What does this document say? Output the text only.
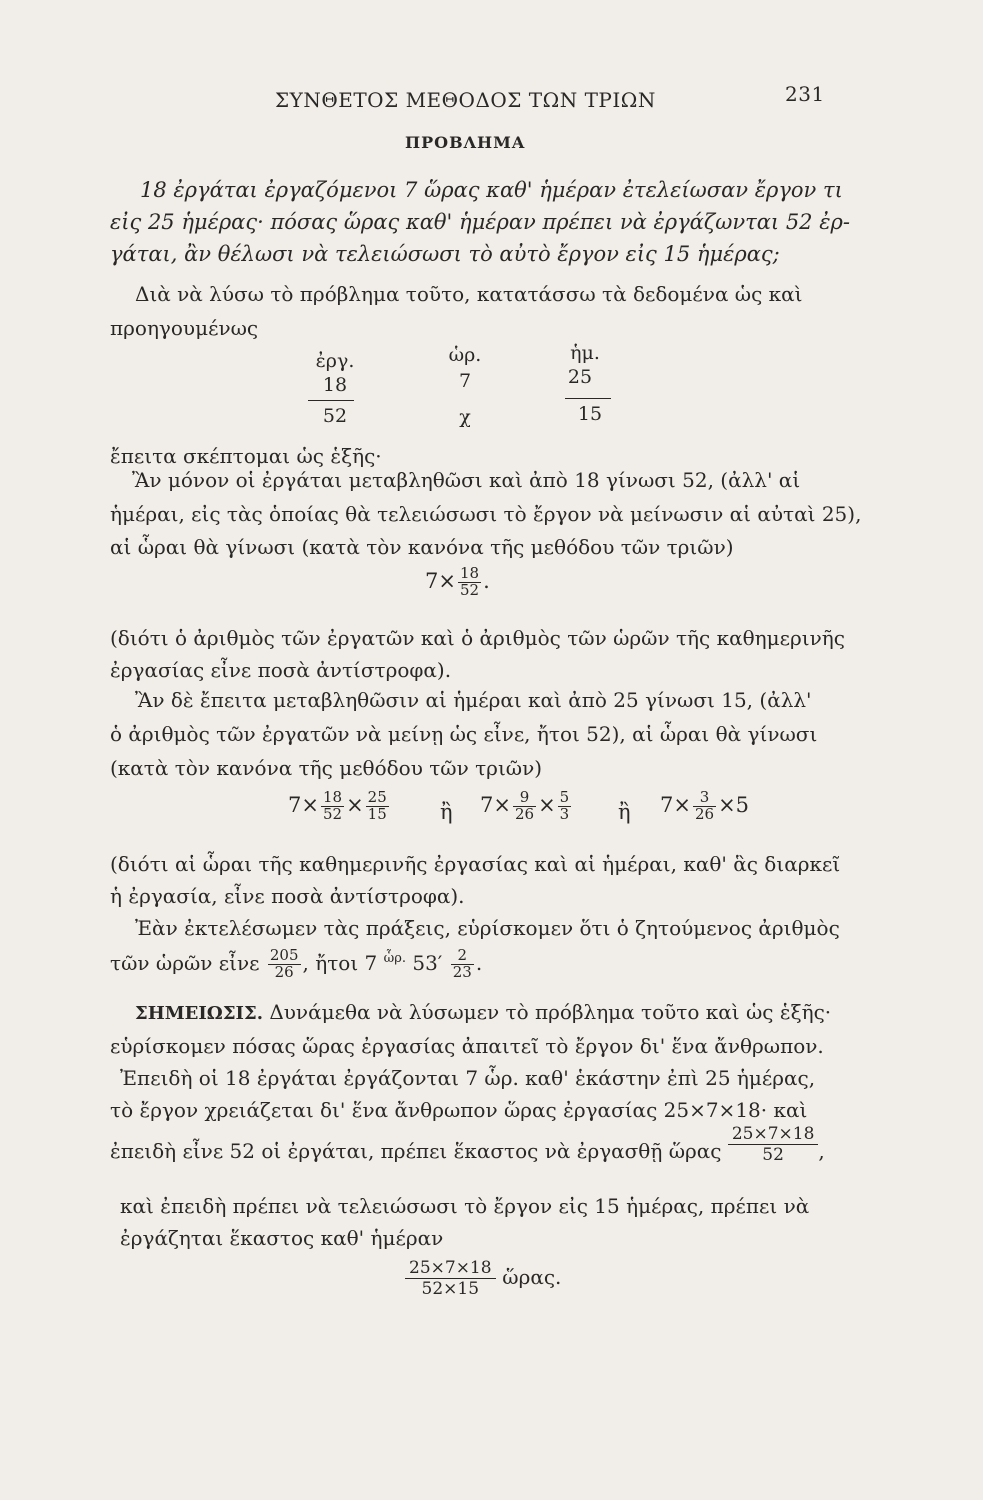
ΣΥΝΘΕΤΟΣ ΜΕΘΟΔΟΣ ΤΩΝ ΤΡΙΩΝ	231
ΠΡΟΒΛΗΜΑ
18 ἐργάται ἐργαζόμενοι 7 ὥρας καθ' ἡμέραν ἐτελείωσαν ἔργον τι
εἰς 25 ἡμέρας· πόσας ὥρας καθ' ἡμέραν πρέπει νὰ ἐργάζωνται 52 ἐρ-
γάται, ἂν θέλωσι νὰ τελειώσωσι τὸ αὐτὸ ἔργον εἰς 15 ἡμέρας;
Διὰ νὰ λύσω τὸ πρόβλημα τοῦτο, κατατάσσω τὰ δεδομένα ὡς καὶ
προηγουμένως
ἐργ.	ὡρ.	ἡμ.
18	7	25
52	χ	15
ἔπειτα σκέπτομαι ὡς ἑξῆς·
Ἂν μόνον οἱ ἐργάται μεταβληθῶσι καὶ ἀπὸ 18 γίνωσι 52, (ἀλλ' αἱ
ἡμέραι, εἰς τὰς ὁποίας θὰ τελειώσωσι τὸ ἔργον νὰ μείνωσιν αἱ αὐταὶ 25),
αἱ ὧραι θὰ γίνωσι (κατὰ τὸν κανόνα τῆς μεθόδου τῶν τριῶν)
$7\times \frac{18}{52}$ .
(διότι ὁ ἀριθμὸς τῶν ἐργατῶν καὶ ὁ ἀριθμὸς τῶν ὡρῶν τῆς καθημερινῆς
ἐργασίας εἶνε ποσὰ ἀντίστροφα).
Ἂν δὲ ἔπειτα μεταβληθῶσιν αἱ ἡμέραι καὶ ἀπὸ 25 γίνωσι 15, (ἀλλ'
ὁ ἀριθμὸς τῶν ἐργατῶν νὰ μείνῃ ὡς εἶνε, ἤτοι 52), αἱ ὧραι θὰ γίνωσι
(κατὰ τὸν κανόνα τῆς μεθόδου τῶν τριῶν)
$7\times \frac{18}{52} \times \frac{25}{15}$ ἢ $7\times \frac{9}{26} \times \frac{5}{3}$ ἢ $7\times \frac{3}{26} \times 5$
(διότι αἱ ὧραι τῆς καθημερινῆς ἐργασίας καὶ αἱ ἡμέραι, καθ' ἃς διαρκεῖ
ἡ ἐργασία, εἶνε ποσὰ ἀντίστροφα).
Ἐὰν ἐκτελέσωμεν τὰς πράξεις, εὑρίσκομεν ὅτι ὁ ζητούμενος ἀριθμὸς
τῶν ὡρῶν εἶνε $\frac{205}{26}$ , ἤτοι 7 $^{ὧ\rho.}$ $53' \frac{2}{23}$ .
ΣΗΜΕΙΩΣΙΣ. Δυνάμεθα νὰ λύσωμεν τὸ πρόβλημα τοῦτο καὶ ὡς ἑξῆς·
εὑρίσκομεν πόσας ὥρας ἐργασίας ἀπαιτεῖ τὸ ἔργον δι' ἕνα ἄνθρωπον.
Ἐπειδὴ οἱ 18 ἐργάται ἐργάζονται 7 ὧρ. καθ' ἑκάστην ἐπὶ 25 ἡμέρας,
τὸ ἔργον χρειάζεται δι' ἕνα ἄνθρωπον ὥρας ἐργασίας 25×7×18· καὶ
ἐπειδὴ εἶνε 52 οἱ ἐργάται, πρέπει ἕκαστος νὰ ἐργασθῇ ὥρας $\frac{25\times 7\times 18}{52}$ ,
καὶ ἐπειδὴ πρέπει νὰ τελειώσωσι τὸ ἔργον εἰς 15 ἡμέρας, πρέπει νὰ
ἐργάζηται ἕκαστος καθ' ἡμέραν
$\frac{25\times 7\times 18}{52\times 15}$ ὥρας.
